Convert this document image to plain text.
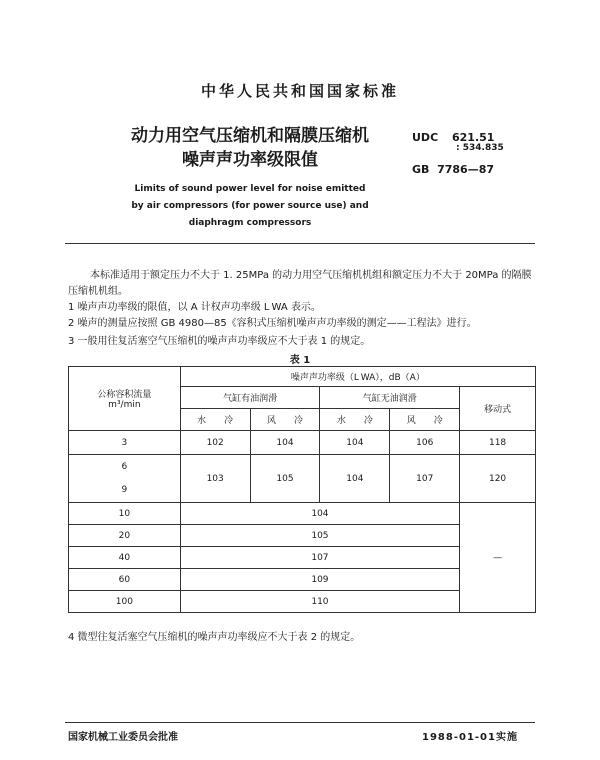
中华人民共和国国家标准
动力用空气压缩机和隔膜压缩机
噪声声功率级限值
UDC 621.51
: 534.835
GB 7786—87
Limits of sound power level for noise emitted
by air compressors (for power source use) and
diaphragm compressors
本标准适用于额定压力不大于 1. 25MPa 的动力用空气压缩机机组和额定压力不大于 20MPa 的隔膜压缩机机组。
1 噪声声功率级的限值，以 A 计权声功率级 L WA 表示。
2 噪声的测量应按照 GB 4980—85《容积式压缩机噪声声功率级的测定——工程法》进行。
3 一般用往复活塞空气压缩机的噪声声功率级应不大于表 1 的规定。
表 1
公称容积流量
m³/min	噪声声功率级（L WA），dB（A）				
	气缸有油润滑		气缸无油润滑		移动式
	水　　冷	风　　冷	水　　冷	风　　冷	
3	102	104	104	106	118
6	103	105	104	107	120
9					
10	104				—
20	105				
40	107				
60	109				
100	110				
4 微型往复活塞空气压缩机的噪声声功率级应不大于表 2 的规定。
国家机械工业委员会批准	1988-01-01实施
